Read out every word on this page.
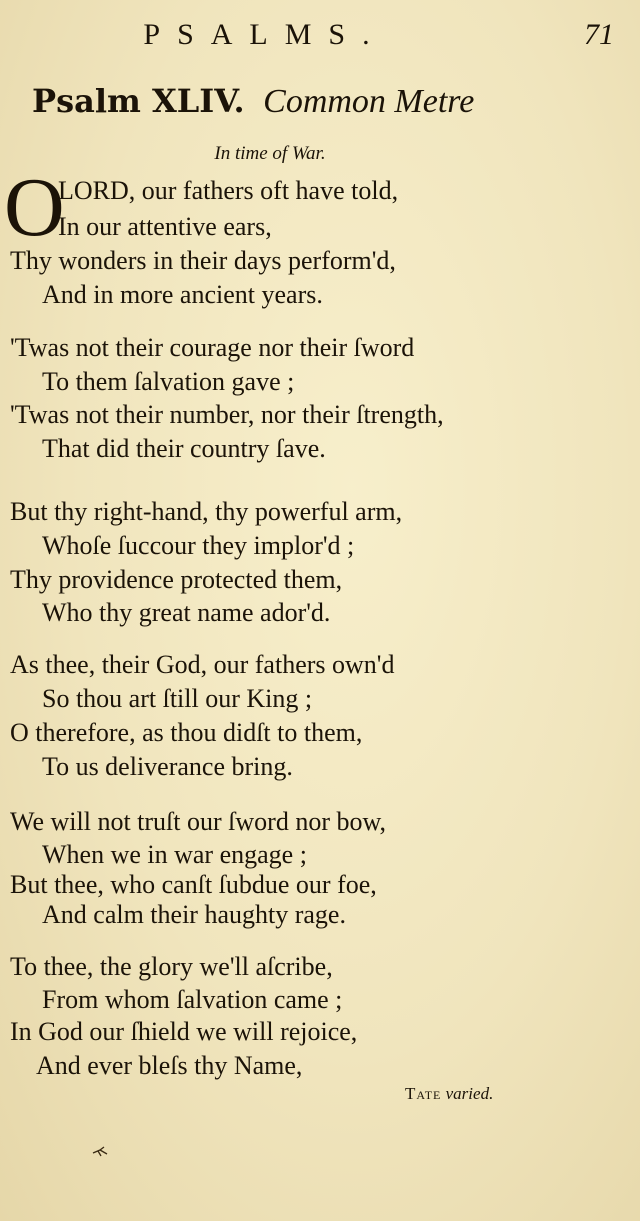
PSALMS.	71
Psalm XLIV. Common Metre
In time of War.
O
LORD, our fathers oft have told,
In our attentive ears,
Thy wonders in their days perform'd,
And in more ancient years.
'Twas not their courage nor their ſword
To them ſalvation gave ;
'Twas not their number, nor their ſtrength,
That did their country ſave.
But thy right-hand, thy powerful arm,
Whoſe ſuccour they implor'd ;
Thy providence protected them,
Who thy great name ador'd.
As thee, their God, our fathers own'd
So thou art ſtill our King ;
O therefore, as thou didſt to them,
To us deliverance bring.
We will not truſt our ſword nor bow,
When we in war engage ;
But thee, who canſt ſubdue our foe,
And calm their haughty rage.
To thee, the glory we'll aſcribe,
From whom ſalvation came ;
In God our ſhield we will rejoice,
And ever bleſs thy Name,
Tate varied.
